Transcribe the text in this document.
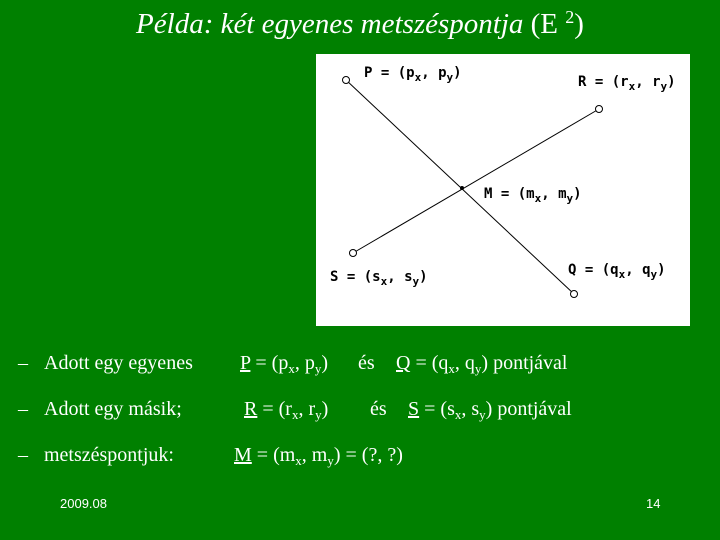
Példa: két egyenes metszéspontja (E $^2$)
$P = (p_x$, $p_y$)
$R = (r_x$, $r_y$)
$M = (m_x$, $m_y$)
$S = (s_x$, $s_y$)	$Q = (q_x$, $q_y$)
– Adott egy egyenes $P = (p_x$, $p_y$) és $Q = (q_x$, $q_y$) pontjával
– Adott egy másik;	$R = (r_x$, $r_y$) és $S = (s_x$, $s_y$) pontjával
– metszéspontjuk:	$M = (m_x$, $m_y$) = (?, ?)
2009.08	14
